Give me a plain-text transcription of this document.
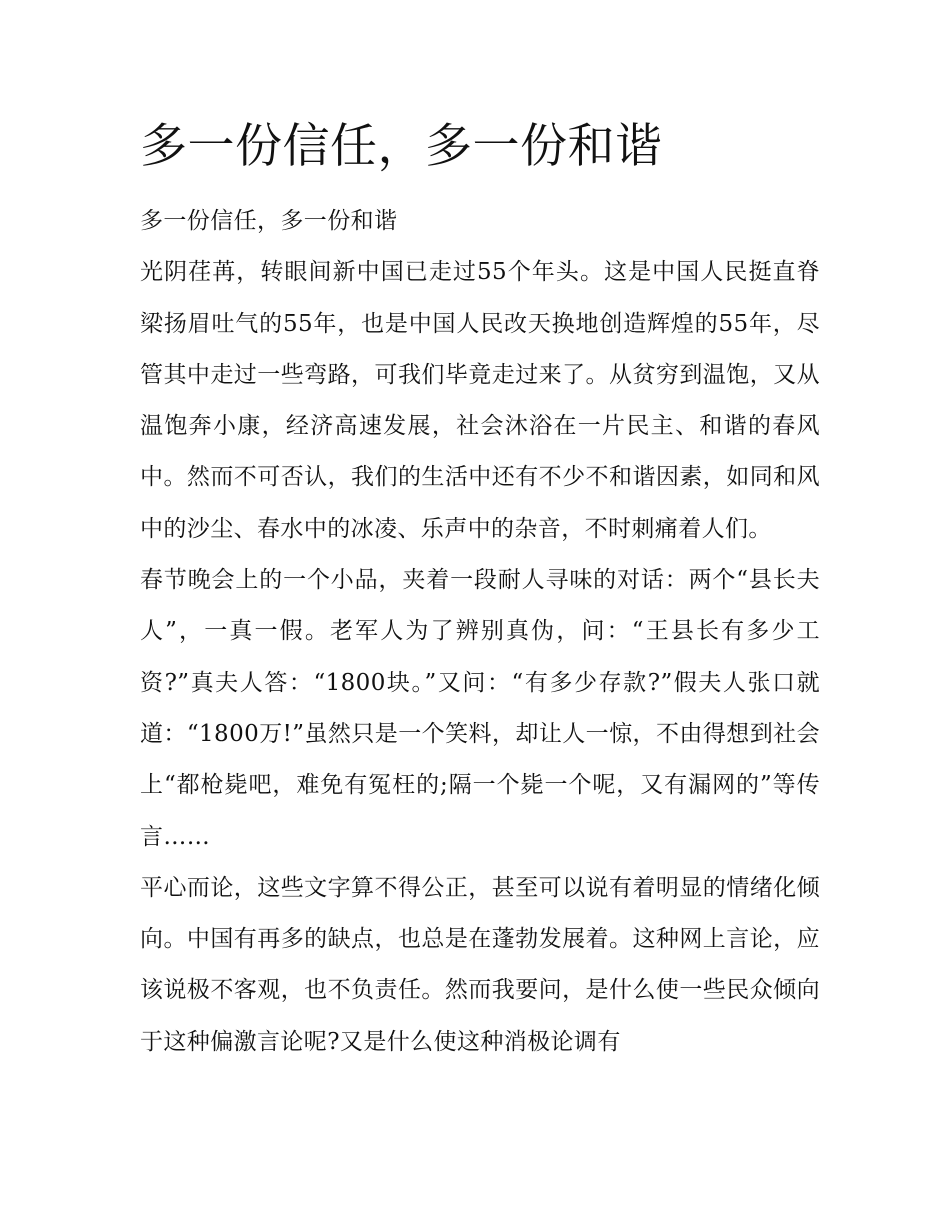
多一份信任，多一份和谐

多一份信任，多一份和谐

光阴荏苒，转眼间新中国已走过55个年头。这是中国人民挺直脊梁扬眉吐气的55年，也是中国人民改天换地创造辉煌的55年，尽管其中走过一些弯路，可我们毕竟走过来了。从贫穷到温饱，又从温饱奔小康，经济高速发展，社会沐浴在一片民主、和谐的春风中。然而不可否认，我们的生活中还有不少不和谐因素，如同和风中的沙尘、春水中的冰凌、乐声中的杂音，不时刺痛着人们。

春节晚会上的一个小品，夹着一段耐人寻味的对话：两个“县长夫人”，一真一假。老军人为了辨别真伪，问：“王县长有多少工资?”真夫人答：“1800块。”又问：“有多少存款?”假夫人张口就道：“1800万!”虽然只是一个笑料，却让人一惊，不由得想到社会上“都枪毙吧，难免有冤枉的;隔一个毙一个呢，又有漏网的”等传言……

平心而论，这些文字算不得公正，甚至可以说有着明显的情绪化倾向。中国有再多的缺点，也总是在蓬勃发展着。这种网上言论，应该说极不客观，也不负责任。然而我要问，是什么使一些民众倾向于这种偏激言论呢?又是什么使这种消极论调有
